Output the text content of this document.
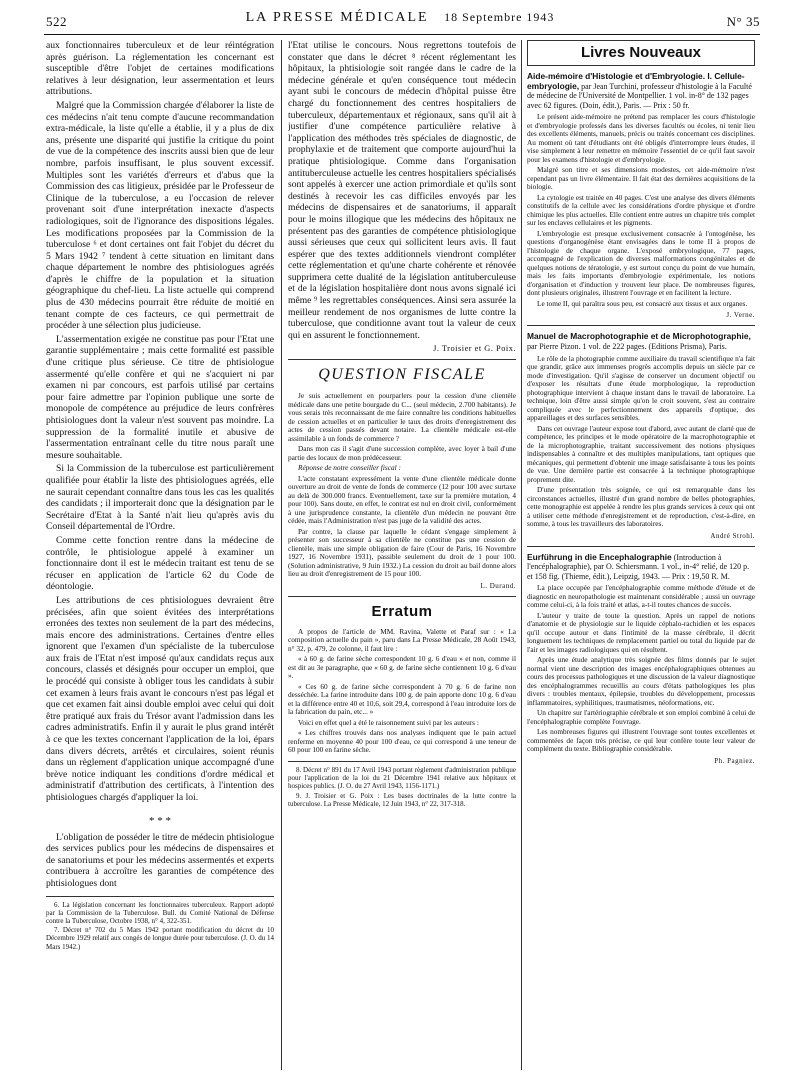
522	LA PRESSE MÉDICALE 18 Septembre 1943	N° 35

aux fonctionnaires tuberculeux et de leur réintégration après guérison. La réglementation les concernant est susceptible d'être l'objet de certaines modifications relatives à leur désignation, leur assermentation et leurs attributions.

Malgré que la Commission chargée d'élaborer la liste de ces médecins n'ait tenu compte d'aucune recommandation extra-médicale, la liste qu'elle a établie, il y a plus de dix ans, présente une disparité qui justifie la critique du point de vue de la compétence des inscrits aussi bien que de leur nombre, parfois insuffisant, le plus souvent excessif. Multiples sont les variétés d'erreurs et d'abus que la Commission des cas litigieux, présidée par le Professeur de Clinique de la tuberculose, a eu l'occasion de relever provenant soit d'une interprétation inexacte d'aspects radiologiques, soit de l'ignorance des dispositions légales. Les modifications proposées par la Commission de la tuberculose ⁶ et dont certaines ont fait l'objet du décret du 5 Mars 1942 ⁷ tendent à cette situation en limitant dans chaque département le nombre des phtisiologues agréés d'après le chiffre de la population et la situation géographique du chef-lieu. La liste actuelle qui comprend plus de 430 médecins pourrait être réduite de moitié en tenant compte de ces facteurs, ce qui permettrait de procéder à une sélection plus judicieuse.

L'assermentation exigée ne constitue pas pour l'Etat une garantie supplémentaire ; mais cette formalité est passible d'une critique plus sérieuse. Ce titre de phtisiologue assermenté qu'elle confère et qui ne s'acquiert ni par examen ni par concours, est parfois utilisé par certains pour faire admettre par l'opinion publique une sorte de monopole de compétence au préjudice de leurs confrères phtisiologues dont la valeur n'est souvent pas moindre. La suppression de la formalité inutile et abusive de l'assermentation entraînant celle du titre nous paraît une mesure souhaitable.

Si la Commission de la tuberculose est particulièrement qualifiée pour établir la liste des phtisiologues agréés, elle ne saurait cependant connaître dans tous les cas les qualités des candidats ; il importerait donc que la désignation par le Secrétaire d'Etat à la Santé n'ait lieu qu'après avis du Conseil départemental de l'Ordre.

Comme cette fonction rentre dans la médecine de contrôle, le phtisiologue appelé à examiner un fonctionnaire dont il est le médecin traitant est tenu de se récuser en application de l'article 62 du Code de déontologie.

Les attributions de ces phtisiologues devraient être précisées, afin que soient évitées des interprétations erronées des textes non seulement de la part des médecins, mais encore des administrations. Certaines d'entre elles ignorent que l'examen d'un spécialiste de la tuberculose aux frais de l'Etat n'est imposé qu'aux candidats reçus aux concours, classés et désignés pour occuper un emploi, que le procédé qui consiste à obliger tous les candidats à subir cet examen à leurs frais avant le concours n'est pas légal et que cet examen fait ainsi double emploi avec celui qui doit être pratiqué aux frais du Trésor avant l'admission dans les cadres administratifs. Enfin il y aurait le plus grand intérêt à ce que les textes concernant l'application de la loi, épars dans divers décrets, arrêtés et circulaires, soient réunis dans un règlement d'application unique accompagné d'une brève notice indiquant les conditions d'ordre médical et administratif d'attribution des certificats, à l'intention des phtisiologues chargés d'appliquer la loi.

* * *

L'obligation de posséder le titre de médecin phtisiologue des services publics pour les médecins de dispensaires et de sanatoriums et pour les médecins assermentés et experts contribuera à accroître les garanties de compétence des phtisiologues dont

6. La législation concernant les fonctionnaires tuberculeux. Rapport adopté par la Commission de la Tuberculose. Bull. du Comité National de Défense contre la Tuberculose, Octobre 1938, n° 4, 322-351.

7. Décret n° 702 du 5 Mars 1942 portant modification du décret du 10 Décembre 1929 relatif aux congés de longue durée pour tuberculose. (J. O. du 14 Mars 1942.)

l'Etat utilise le concours. Nous regrettons toutefois de constater que dans le décret ⁸ récent réglementant les hôpitaux, la phtisiologie soit rangée dans le cadre de la médecine générale et qu'en conséquence tout médecin ayant subi le concours de médecin d'hôpital puisse être chargé du fonctionnement des centres hospitaliers de tuberculeux, départementaux et régionaux, sans qu'il ait à justifier d'une compétence particulière relative à l'application des méthodes très spéciales de diagnostic, de prophylaxie et de traitement que comporte aujourd'hui la pratique phtisiologique. Comme dans l'organisation antituberculeuse actuelle les centres hospitaliers spécialisés sont appelés à exercer une action primordiale et qu'ils sont destinés à recevoir les cas difficiles envoyés par les médecins de dispensaires et de sanatoriums, il apparaît pour le moins illogique que les médecins des hôpitaux ne présentent pas des garanties de compétence phtisiologique aussi sérieuses que ceux qui sollicitent leurs avis. Il faut espérer que des textes additionnels viendront compléter cette réglementation et qu'une charte cohérente et rénovée supprimera cette dualité de la législation antituberculeuse et de la législation hospitalière dont nous avons signalé ici même ⁹ les regrettables conséquences. Ainsi sera assurée la meilleur rendement de nos organismes de lutte contre la tuberculose, que conditionne avant tout la valeur de ceux qui en assurent le fonctionnement.

J. Troisier et G. Poix.
QUESTION FISCALE

Je suis actuellement en pourparlers pour la cession d'une clientèle médicale dans une petite bourgade du C... (seul médecin, 2.700 habitants). Je vous serais très reconnaissant de me faire connaître les conditions habituelles de cession actuelles et en particulier le taux des droits d'enregistrement des actes de cession passés devant notaire. La clientèle médicale est-elle assimilable à un fonds de commerce ?

Dans mon cas il s'agit d'une succession complète, avec loyer à bail d'une partie des locaux de mon prédécesseur.

Réponse de notre conseiller fiscal :

L'acte constatant expressément la vente d'une clientèle médicale donne ouverture au droit de vente de fonds de commerce (12 pour 100 avec surtaxe au delà de 300.000 francs. Eventuellement, taxe sur la première mutation, 4 pour 100). Sans doute, en effet, le contrat est nul en droit civil, conformément à une jurisprudence constante, la clientèle d'un médecin ne pouvant être cédée, mais l'Administration n'est pas juge de la validité des actes.

Par contre, la clause par laquelle le cédant s'engage simplement à présenter son successeur à sa clientèle ne constitue pas une cession de clientèle, mais une simple obligation de faire (Cour de Paris, 16 Novembre 1927, 16 Novembre 1931), passible seulement du droit de 1 pour 100. (Solution administrative, 9 Juin 1932.) La cession du droit au bail donne alors lieu au droit d'enregistrement de 15 pour 100.

L. Durand.
Erratum

A propos de l'article de MM. Ravina, Valette et Paraf sur : « La composition actuelle du pain », paru dans La Presse Médicale, 28 Août 1943, n° 32, p. 479, 2e colonne, il faut lire :

« à 60 g. de farine sèche correspondent 10 g. 6 d'eau » et non, comme il est dit au 3e paragraphe, que « 60 g. de farine sèche contiennent 10 g. 6 d'eau ».

« Ces 60 g. de farine sèche correspondent à 70 g. 6 de farine non desséchée. La farine introduite dans 100 g. de pain apporte donc 10 g. 6 d'eau et la différence entre 40 et 10,6, soit 29,4, correspond à l'eau introduite lors de la fabrication du pain, etc... »

Voici en effet quel a été le raisonnement suivi par les auteurs :

« Les chiffres trouvés dans nos analyses indiquent que le pain actuel renferme en moyenne 40 pour 100 d'eau, ce qui correspond à une teneur de 60 pour 100 en farine sèche.

8. Décret n° 891 du 17 Avril 1943 portant règlement d'administration publique pour l'application de la loi du 21 Décembre 1941 relative aux hôpitaux et hospices publics. (J. O. du 27 Avril 1943, 1156-1171.)

9. J. Troisier et G. Poix : Les bases doctrinales de la lutte contre la tuberculose. La Presse Médicale, 12 Juin 1943, n° 22, 317-318.

Livres Nouveaux
Aide-mémoire d'Histologie et d'Embryologie. I. Cellule-embryologie, par Jean Turchini, professeur d'histologie à la Faculté de médecine de l'Université de Montpellier. 1 vol. in-8° de 132 pages avec 62 figures. (Doin, édit.), Paris. — Prix : 50 fr.

Le présent aide-mémoire ne prétend pas remplacer les cours d'histologie et d'embryologie professés dans les diverses facultés ou écoles, ni tenir lieu des excellents éléments, manuels, précis ou traités concernant ces disciplines. Au moment où tant d'étudiants ont été obligés d'interrompre leurs études, il vise simplement à leur remettre en mémoire l'essentiel de ce qu'il faut savoir pour les examens d'histologie et d'embryologie.

Malgré son titre et ses dimensions modestes, cet aide-mémoire n'est cependant pas un livre élémentaire. Il fait état des dernières acquisitions de la biologie.

La cytologie est traitée en 40 pages. C'est une analyse des divers éléments constitutifs de la cellule avec les considérations d'ordre physique et d'ordre chimique les plus actuelles. Elle contient entre autres un chapitre très complet sur les enclaves cellulaires et les pigments.

L'embryologie est presque exclusivement consacrée à l'ontogénèse, les questions d'organogénèse étant envisagées dans le tome II à propos de l'histologie de chaque organe. L'exposé embryologique, 77 pages, accompagné de l'explication de diverses malformations congénitales et de quelques notions de tératologie, y est surtout conçu du point de vue humain, mais les faits importants d'embryologie expérimentale, les notions d'organisation et d'induction y trouvent leur place. De nombreuses figures, dont plusieurs originales, illustrent l'ouvrage et en facilitent la lecture.

Le tome II, qui paraîtra sous peu, est consacré aux tissus et aux organes.

J. Verne.
Manuel de Macrophotographie et de Microphotographie, par Pierre Pizon. 1 vol. de 222 pages. (Editions Prisma), Paris.

Le rôle de la photographie comme auxiliaire du travail scientifique n'a fait que grandir, grâce aux immenses progrès accomplis depuis un siècle par ce mode d'investigation. Qu'il s'agisse de conserver un document objectif ou d'exposer les résultats d'une étude morphologique, la reproduction photographique intervient à chaque instant dans le travail de laboratoire. La technique, loin d'être aussi simple qu'on le croit souvent, s'est au contraire compliquée avec le perfectionnement des appareils d'optique, des appareillages et des surfaces sensibles.

Dans cet ouvrage l'auteur expose tout d'abord, avec autant de clarté que de compétence, les principes et le mode opératoire de la macrophotographie et de la microphotographie, traitant successivement des notions physiques indispensables à connaître et des multiples manipulations, tant optiques que mécaniques, qui permettent d'obtenir une image satisfaisante à tous les points de vue. Une dernière partie est consacrée à la technique photographique proprement dite.

D'une présentation très soignée, ce qui est remarquable dans les circonstances actuelles, illustré d'un grand nombre de belles photographies, cette monographie est appelée à rendre les plus grands services à ceux qui ont à utiliser cette méthode d'enregistrement et de reproduction, c'est-à-dire, en somme, à tous les travailleurs des laboratoires.

André Strohl.
Eurführung in die Encephalographie (Introduction à l'encéphalographie), par O. Schiersmann. 1 vol., in-4° relié, de 120 p. et 158 fig. (Thieme, édit.), Leipzig, 1943. — Prix : 19,50 R. M.

La place occupée par l'encéphalographie comme méthode d'étude et de diagnostic en neuropathologie est maintenant considérable ; aussi un ouvrage comme celui-ci, à la fois traité et atlas, a-t-il toutes chances de succès.

L'auteur y traite de toute la question. Après un rappel de notions d'anatomie et de physiologie sur le liquide céphalo-rachidien et les espaces qu'il occupe autour et dans l'intimité de la masse cérébrale, il décrit longuement les techniques de remplacement partiel ou total du liquide par de l'air et les images radiologiques qui en résultent.

Après une étude analytique très soignée des films donnés par le sujet normal vient une description des images encéphalographiques obtenues au cours des processus pathologiques et une discussion de la valeur diagnostique des encéphalogrammes recueillis au cours d'états pathologiques les plus divers : troubles mentaux, épilepsie, troubles du développement, processus inflammatoires, syphilitiques, traumatismes, néoformations, etc.

Un chapitre sur l'artériographie cérébrale et son emploi combiné à celui de l'encéphalographie complète l'ouvrage.

Les nombreuses figures qui illustrent l'ouvrage sont toutes excellentes et commentées de façon très précise, ce qui leur confère toute leur valeur de complément du texte. Bibliographie considérable.

Ph. Pagniez.
